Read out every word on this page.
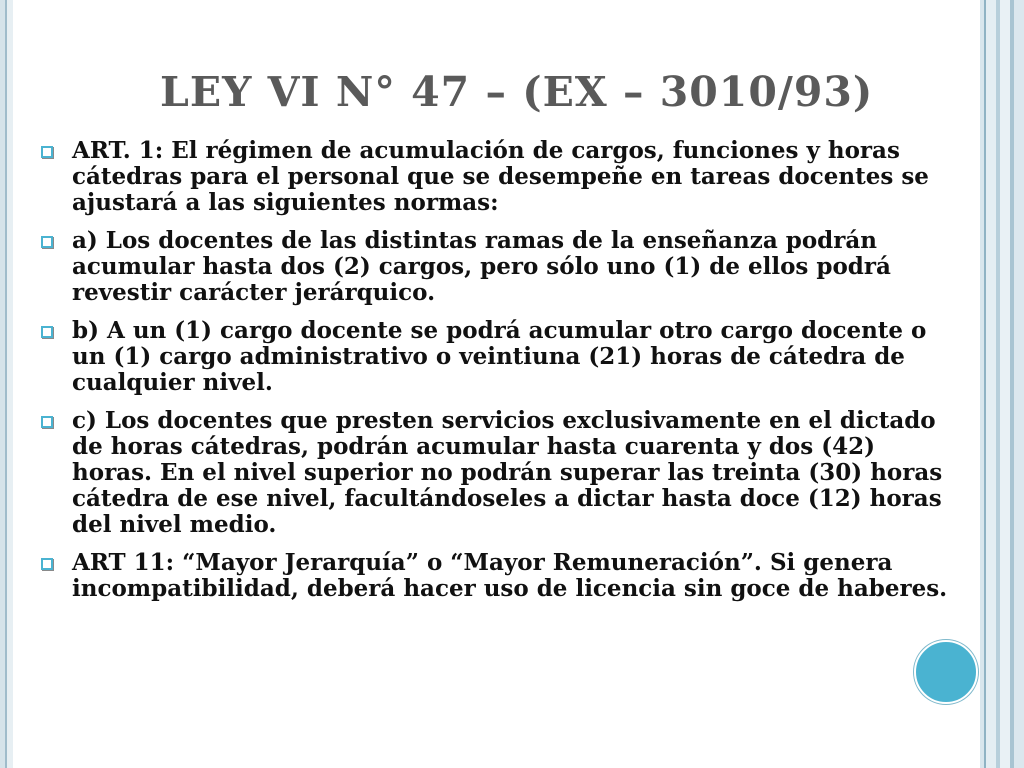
LEY VI N° 47 – (EX – 3010/93)
ART. 1: El régimen de acumulación de cargos, funciones y horas cátedras para el personal que se desempeñe en tareas docentes se ajustará a las siguientes normas:
a) Los docentes de las distintas ramas de la enseñanza podrán acumular hasta dos (2) cargos, pero sólo uno (1) de ellos podrá revestir carácter jerárquico.
b) A un (1) cargo docente se podrá acumular otro cargo docente o un (1) cargo administrativo o veintiuna (21) horas de cátedra de cualquier nivel.
c) Los docentes que presten servicios exclusivamente en el dictado de horas cátedras, podrán acumular hasta cuarenta y dos (42) horas. En el nivel superior no podrán superar las treinta (30) horas cátedra de ese nivel, facultándoseles a dictar hasta doce (12) horas del nivel medio.
ART 11: “Mayor Jerarquía” o “Mayor Remuneración”. Si genera incompatibilidad, deberá hacer uso de licencia sin goce de haberes.
